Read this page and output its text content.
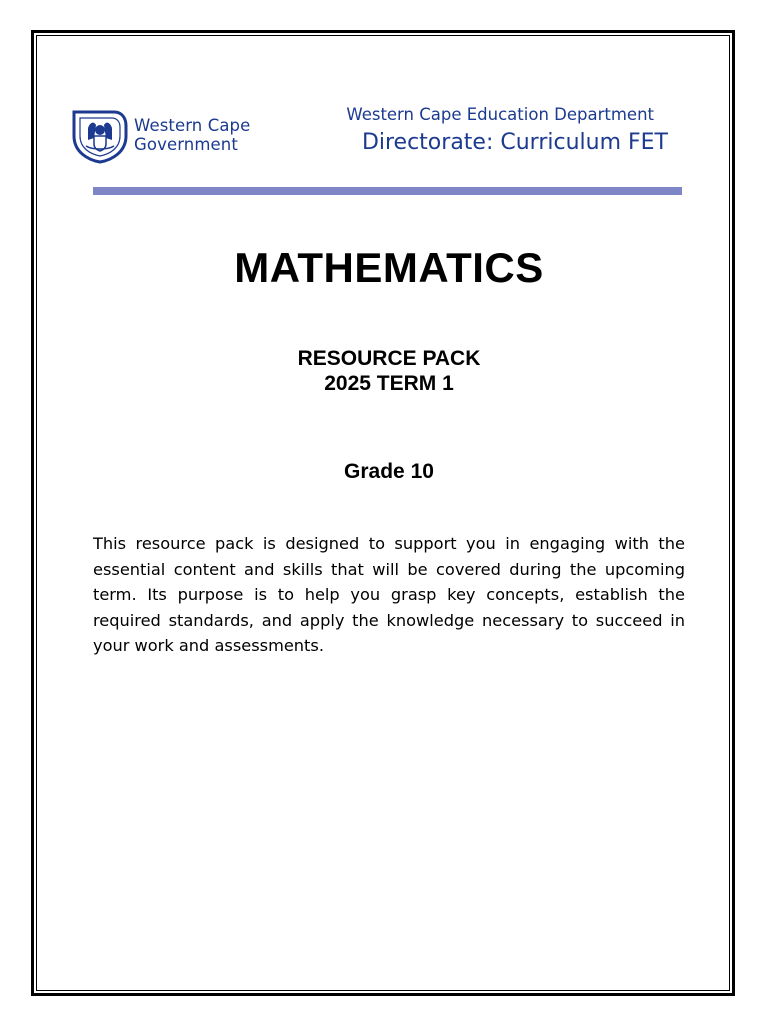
Western Cape
Government
Western Cape Education Department
Directorate: Curriculum FET
MATHEMATICS
RESOURCE PACK
2025 TERM 1
Grade 10

This resource pack is designed to support you in engaging with the essential content and skills that will be covered during the upcoming term. Its purpose is to help you grasp key concepts, establish the required standards, and apply the knowledge necessary to succeed in your work and assessments.
